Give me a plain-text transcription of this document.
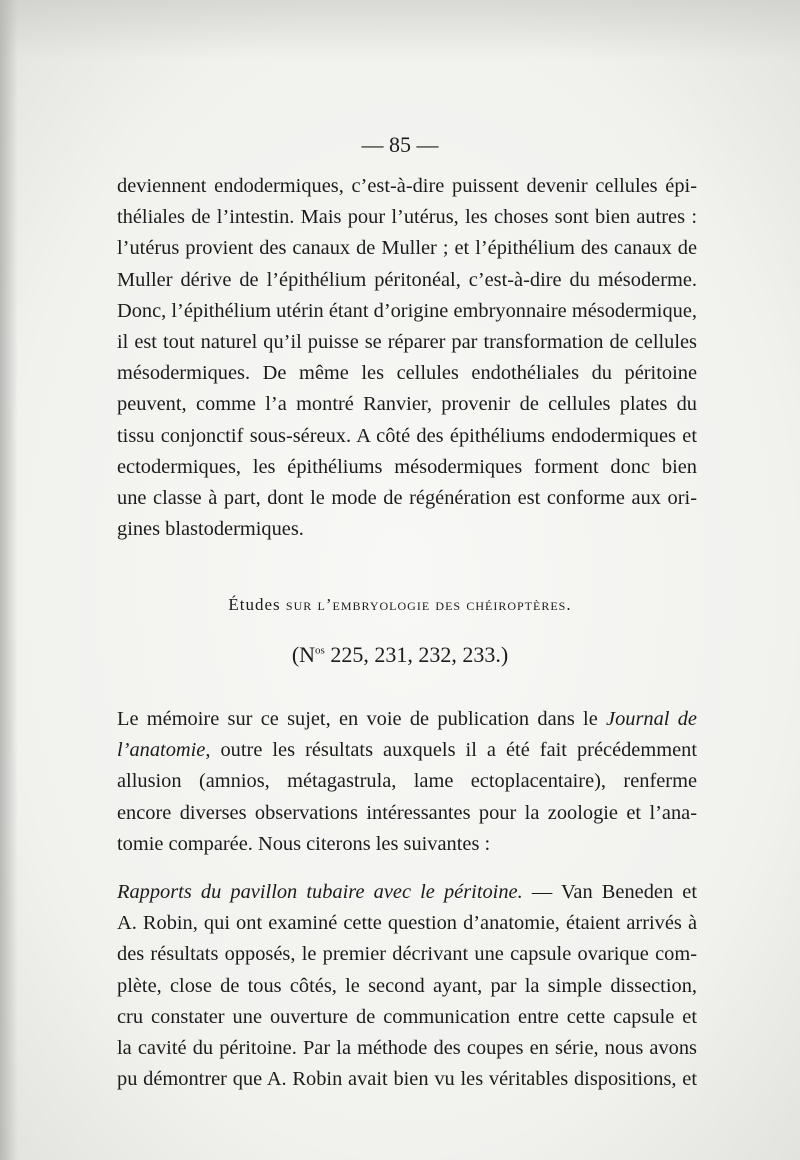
— 85 —

deviennent endodermiques, c’est-à-dire puissent devenir cellules épi-
théliales de l’intestin. Mais pour l’utérus, les choses sont bien autres :
l’utérus provient des canaux de Muller ; et l’épithélium des canaux de
Muller dérive de l’épithélium péritonéal, c’est-à-dire du mésoderme.
Donc, l’épithélium utérin étant d’origine embryonnaire mésodermique,
il est tout naturel qu’il puisse se réparer par transformation de cellules
mésodermiques. De même les cellules endothéliales du péritoine
peuvent, comme l’a montré Ranvier, provenir de cellules plates du
tissu conjonctif sous-séreux. A côté des épithéliums endodermiques et
ectodermiques, les épithéliums mésodermiques forment donc bien
une classe à part, dont le mode de régénération est conforme aux ori-
gines blastodermiques.

Études sur l’embryologie des chéiroptères.
($N^{os}$ 225, 231, 232, 233.)

Le mémoire sur ce sujet, en voie de publication dans le Journal de
l’anatomie, outre les résultats auxquels il a été fait précédemment
allusion (amnios, métagastrula, lame ectoplacentaire), renferme
encore diverses observations intéressantes pour la zoologie et l’ana-
tomie comparée. Nous citerons les suivantes :

Rapports du pavillon tubaire avec le péritoine. — Van Beneden et
A. Robin, qui ont examiné cette question d’anatomie, étaient arrivés à
des résultats opposés, le premier décrivant une capsule ovarique com-
plète, close de tous côtés, le second ayant, par la simple dissection,
cru constater une ouverture de communication entre cette capsule et
la cavité du péritoine. Par la méthode des coupes en série, nous avons
pu démontrer que A. Robin avait bien vu les véritables dispositions, et
